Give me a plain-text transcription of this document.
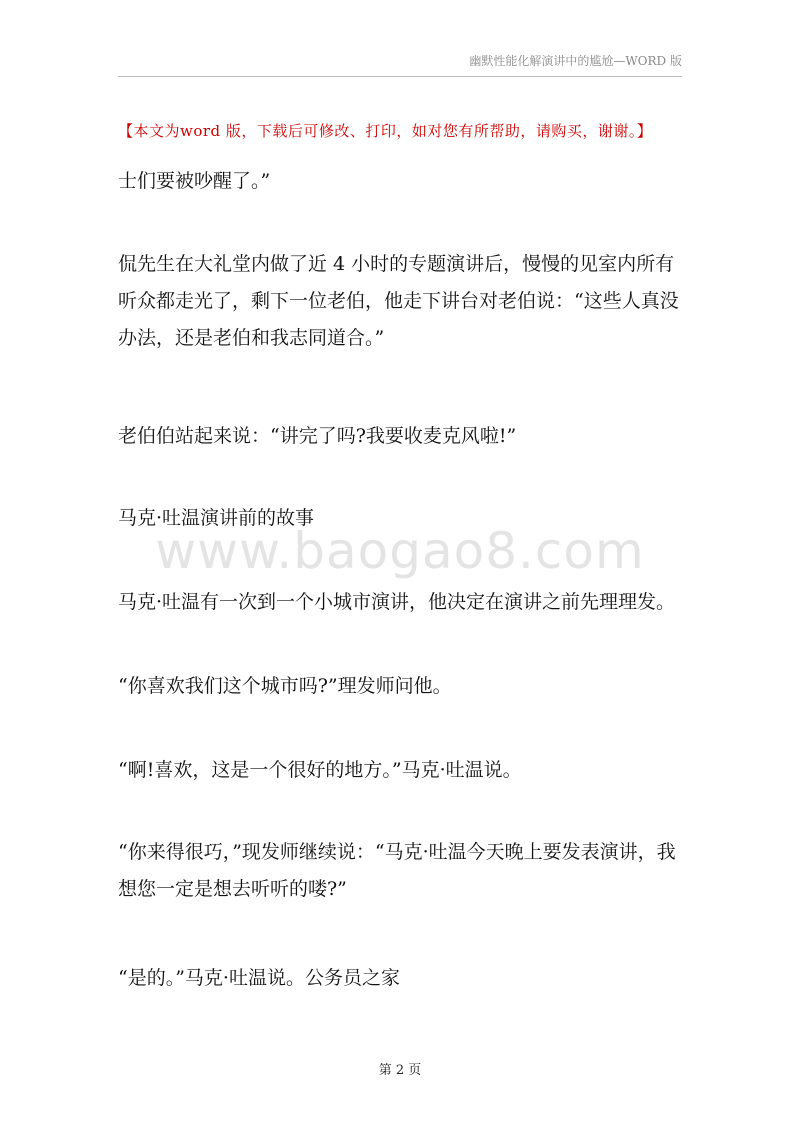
幽默性能化解演讲中的尴尬—WORD 版
【本文为word 版，下载后可修改、打印，如对您有所帮助，请购买，谢谢。】
士们要被吵醒了。”
侃先生在大礼堂内做了近 4 小时的专题演讲后，慢慢的见室内所有听众都走光了，剩下一位老伯，他走下讲台对老伯说：“这些人真没办法，还是老伯和我志同道合。”
老伯伯站起来说：“讲完了吗?我要收麦克风啦!”
马克·吐温演讲前的故事
www.baogao8.com
马克·吐温有一次到一个小城市演讲，他决定在演讲之前先理理发。
“你喜欢我们这个城市吗?”理发师问他。
“啊!喜欢，这是一个很好的地方。”马克·吐温说。
“你来得很巧，”现发师继续说：“马克·吐温今天晚上要发表演讲，我想您一定是想去听听的喽?”
“是的。”马克·吐温说。公务员之家
第 2 页
